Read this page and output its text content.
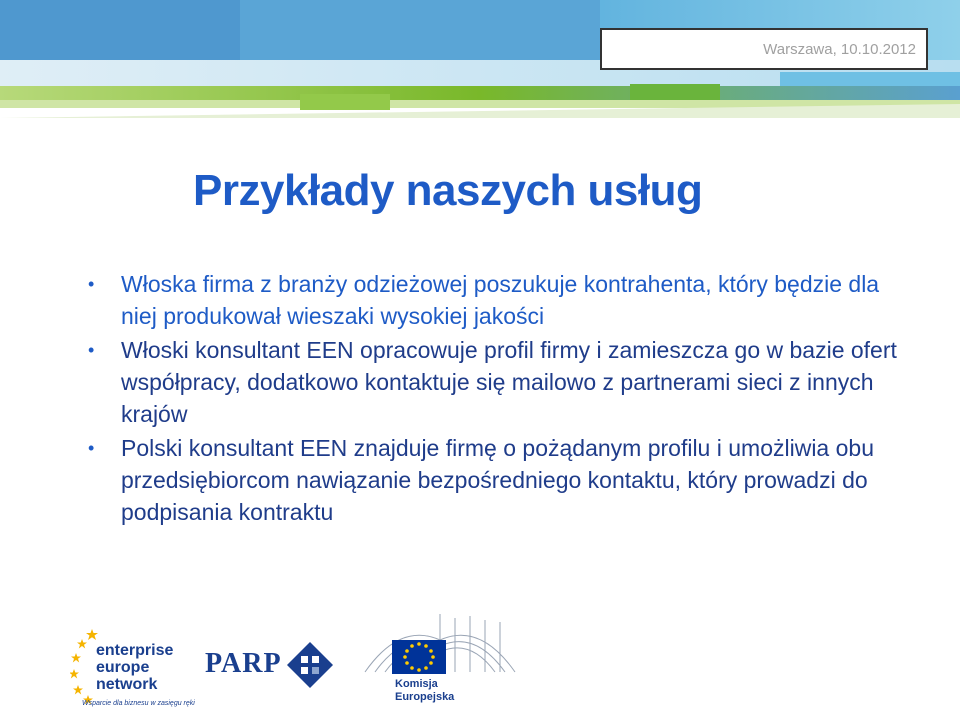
Warszawa, 10.10.2012
Przykłady naszych usług
• Włoska firma z branży odzieżowej poszukuje kontrahenta, który będzie dla niej produkował wieszaki wysokiej jakości
• Włoski konsultant EEN opracowuje profil firmy i zamieszcza go w bazie ofert współpracy, dodatkowo kontaktuje się mailowo z partnerami sieci z innych krajów
• Polski konsultant EEN znajduje firmę o pożądanym profilu i umożliwia obu przedsiębiorcom nawiązanie bezpośredniego kontaktu, który prowadzi do podpisania kontraktu
enterprise
europe
network
Wsparcie dla biznesu w zasięgu ręki
PARP
Komisja
Europejska
